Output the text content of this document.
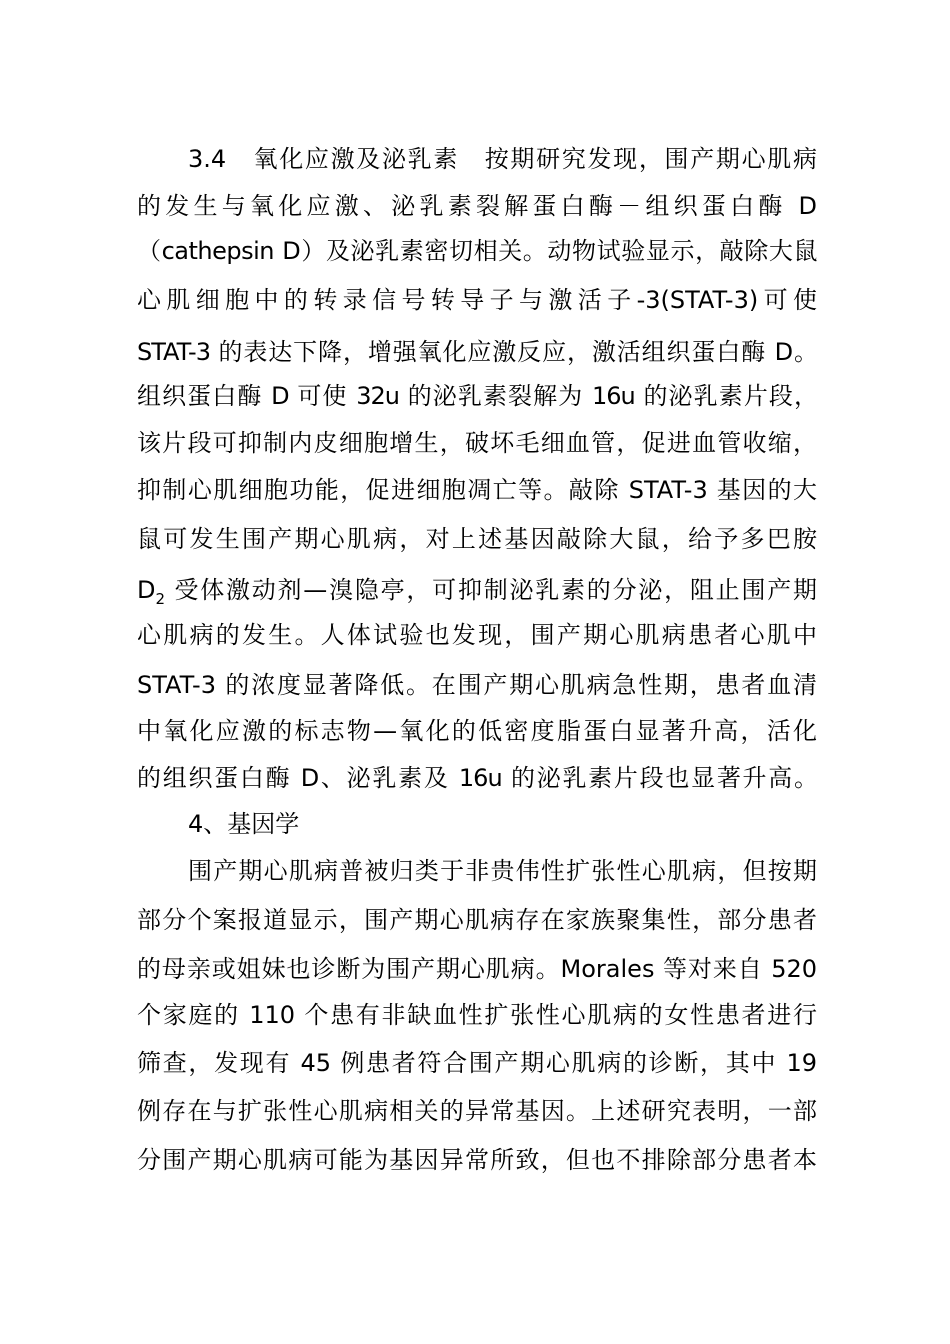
3.4　氧化应激及泌乳素　按期研究发现，围产期心肌病
的发生与氧化应激、泌乳素裂解蛋白酶－组织蛋白酶 D
（cathepsin D）及泌乳素密切相关。动物试验显示，敲除大鼠
心肌细胞中的转录信号转导子与激活子-3(STAT-3)可使
STAT-3 的表达下降，增强氧化应激反应，激活组织蛋白酶 D。
组织蛋白酶 D 可使 32u 的泌乳素裂解为 16u 的泌乳素片段，
该片段可抑制内皮细胞增生，破坏毛细血管，促进血管收缩，
抑制心肌细胞功能，促进细胞凋亡等。敲除 STAT-3 基因的大
鼠可发生围产期心肌病，对上述基因敲除大鼠，给予多巴胺
$D_2$ 受体激动剂—溴隐亭，可抑制泌乳素的分泌，阻止围产期
心肌病的发生。人体试验也发现，围产期心肌病患者心肌中
STAT-3 的浓度显著降低。在围产期心肌病急性期，患者血清
中氧化应激的标志物—氧化的低密度脂蛋白显著升高，活化
的组织蛋白酶 D、泌乳素及 16u 的泌乳素片段也显著升高。
4、基因学
围产期心肌病普被归类于非贵伟性扩张性心肌病，但按期
部分个案报道显示，围产期心肌病存在家族聚集性，部分患者
的母亲或姐妹也诊断为围产期心肌病。Morales 等对来自 520
个家庭的 110 个患有非缺血性扩张性心肌病的女性患者进行
筛查，发现有 45 例患者符合围产期心肌病的诊断，其中 19
例存在与扩张性心肌病相关的异常基因。上述研究表明，一部
分围产期心肌病可能为基因异常所致，但也不排除部分患者本
